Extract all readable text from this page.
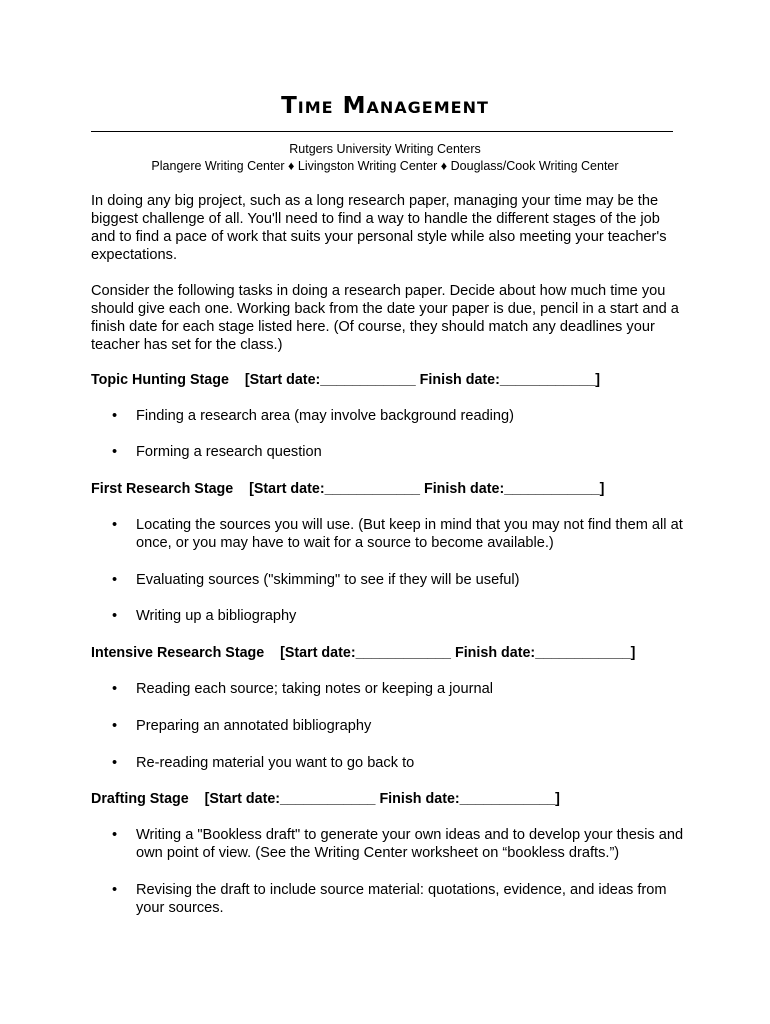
Time Management
Rutgers University Writing Centers
Plangere Writing Center ♦ Livingston Writing Center ♦ Douglass/Cook Writing Center

In doing any big project, such as a long research paper, managing your time may be the biggest challenge of all. You'll need to find a way to handle the different stages of the job and to find a pace of work that suits your personal style while also meeting your teacher's expectations.

Consider the following tasks in doing a research paper. Decide about how much time you should give each one. Working back from the date your paper is due, pencil in a start and a finish date for each stage listed here. (Of course, they should match any deadlines your teacher has set for the class.)

Topic Hunting Stage    [Start date:____________ Finish date:____________]
•	Finding a research area (may involve background reading)
•	Forming a research question
First Research Stage    [Start date:____________ Finish date:____________]
•	Locating the sources you will use. (But keep in mind that you may not find them all at once, or you may have to wait for a source to become available.)
•	Evaluating sources ("skimming" to see if they will be useful)
•	Writing up a bibliography
Intensive Research Stage    [Start date:____________ Finish date:____________]
•	Reading each source; taking notes or keeping a journal
•	Preparing an annotated bibliography
•	Re-reading material you want to go back to
Drafting Stage    [Start date:____________ Finish date:____________]
•	Writing a "Bookless draft" to generate your own ideas and to develop your thesis and own point of view. (See the Writing Center worksheet on “bookless drafts.”)
•	Revising the draft to include source material: quotations, evidence, and ideas from your sources.
